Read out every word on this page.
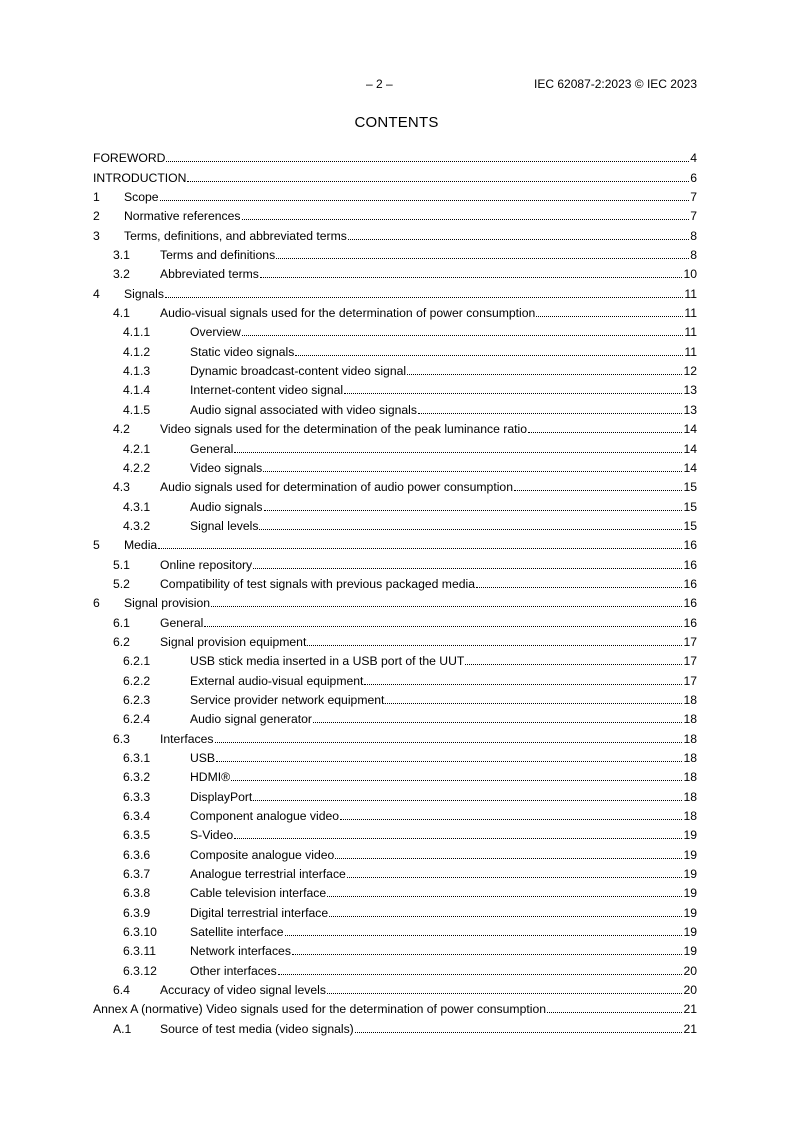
– 2 –	IEC 62087-2:2023 © IEC 2023
CONTENTS
FOREWORD	4
INTRODUCTION	6
1	Scope	7
2	Normative references	7
3	Terms, definitions, and abbreviated terms	8
3.1	Terms and definitions	8
3.2	Abbreviated terms	10
4	Signals	11
4.1	Audio-visual signals used for the determination of power consumption	11
4.1.1	Overview	11
4.1.2	Static video signals	11
4.1.3	Dynamic broadcast-content video signal	12
4.1.4	Internet-content video signal	13
4.1.5	Audio signal associated with video signals	13
4.2	Video signals used for the determination of the peak luminance ratio	14
4.2.1	General	14
4.2.2	Video signals	14
4.3	Audio signals used for determination of audio power consumption	15
4.3.1	Audio signals	15
4.3.2	Signal levels	15
5	Media	16
5.1	Online repository	16
5.2	Compatibility of test signals with previous packaged media	16
6	Signal provision	16
6.1	General	16
6.2	Signal provision equipment	17
6.2.1	USB stick media inserted in a USB port of the UUT	17
6.2.2	External audio-visual equipment	17
6.2.3	Service provider network equipment	18
6.2.4	Audio signal generator	18
6.3	Interfaces	18
6.3.1	USB	18
6.3.2	HDMI®	18
6.3.3	DisplayPort	18
6.3.4	Component analogue video	18
6.3.5	S-Video	19
6.3.6	Composite analogue video	19
6.3.7	Analogue terrestrial interface	19
6.3.8	Cable television interface	19
6.3.9	Digital terrestrial interface	19
6.3.10	Satellite interface	19
6.3.11	Network interfaces	19
6.3.12	Other interfaces	20
6.4	Accuracy of video signal levels	20
Annex A (normative) Video signals used for the determination of power consumption	21
A.1	Source of test media (video signals)	21
